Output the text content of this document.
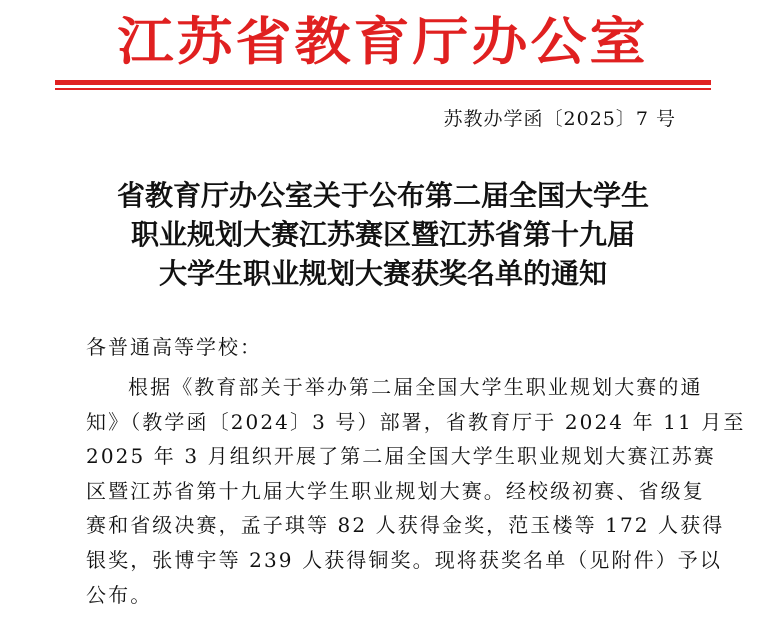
江苏省教育厅办公室
苏教办学函〔2025〕7 号
省教育厅办公室关于公布第二届全国大学生
职业规划大赛江苏赛区暨江苏省第十九届
大学生职业规划大赛获奖名单的通知
各普通高等学校：
根据《教育部关于举办第二届全国大学生职业规划大赛的通
知》（教学函〔2024〕3 号）部署，省教育厅于 2024 年 11 月至
2025 年 3 月组织开展了第二届全国大学生职业规划大赛江苏赛
区暨江苏省第十九届大学生职业规划大赛。经校级初赛、省级复
赛和省级决赛，孟子琪等 82 人获得金奖，范玉楼等 172 人获得
银奖，张博宇等 239 人获得铜奖。现将获奖名单（见附件）予以
公布。
